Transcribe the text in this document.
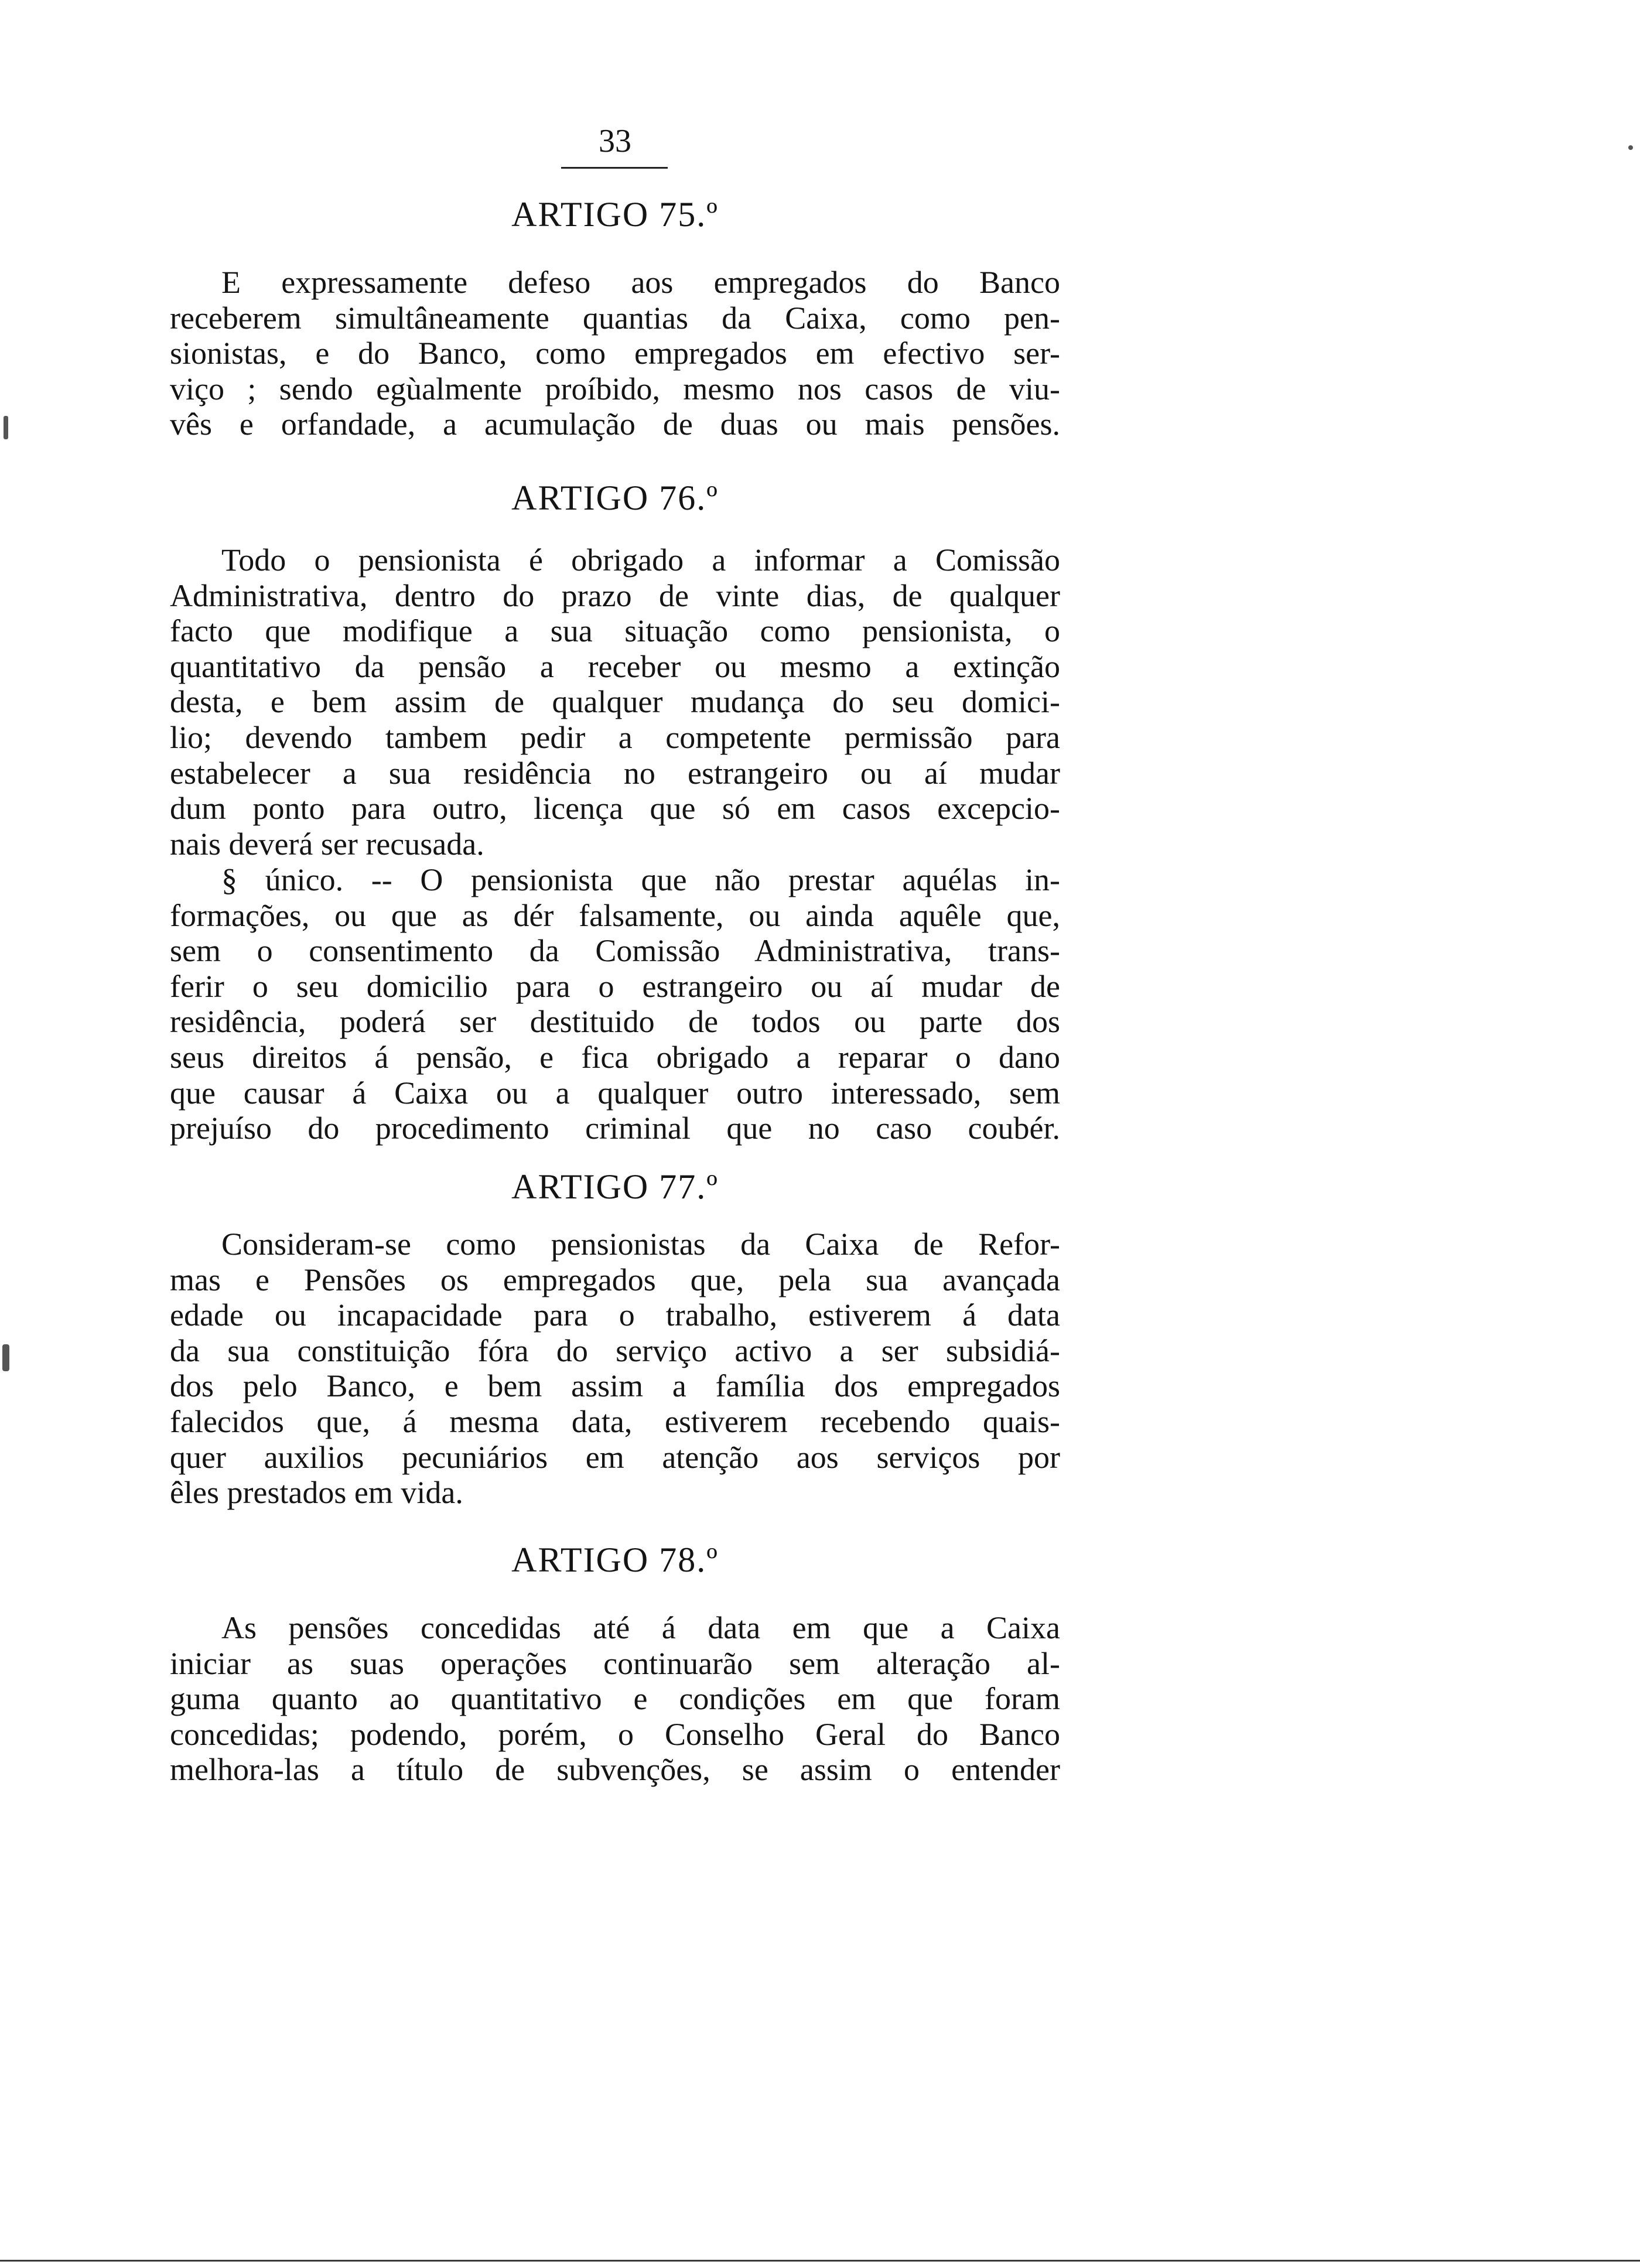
33
ARTIGO 75.º
E expressamente defeso aos empregados do Banco
receberem simultâneamente quantias da Caixa, como pen-
sionistas, e do Banco, como empregados em efectivo ser-
viço ; sendo egùalmente proíbido, mesmo nos casos de viu-
vês e orfandade, a acumulação de duas ou mais pensões.
ARTIGO 76.º
Todo o pensionista é obrigado a informar a Comissão
Administrativa, dentro do prazo de vinte dias, de qualquer
facto que modifique a sua situação como pensionista, o
quantitativo da pensão a receber ou mesmo a extinção
desta, e bem assim de qualquer mudança do seu domici-
lio; devendo tambem pedir a competente permissão para
estabelecer a sua residência no estrangeiro ou aí mudar
dum ponto para outro, licença que só em casos excepcio-
nais deverá ser recusada.
§ único. -- O pensionista que não prestar aquélas in-
formações, ou que as dér falsamente, ou ainda aquêle que,
sem o consentimento da Comissão Administrativa, trans-
ferir o seu domicilio para o estrangeiro ou aí mudar de
residência, poderá ser destituido de todos ou parte dos
seus direitos á pensão, e fica obrigado a reparar o dano
que causar á Caixa ou a qualquer outro interessado, sem
prejuíso do procedimento criminal que no caso coubér.
ARTIGO 77.º
Consideram-se como pensionistas da Caixa de Refor-
mas e Pensões os empregados que, pela sua avançada
edade ou incapacidade para o trabalho, estiverem á data
da sua constituição fóra do serviço activo a ser subsidiá-
dos pelo Banco, e bem assim a família dos empregados
falecidos que, á mesma data, estiverem recebendo quais-
quer auxilios pecuniários em atenção aos serviços por
êles prestados em vida.
ARTIGO 78.º
As pensões concedidas até á data em que a Caixa
iniciar as suas operações continuarão sem alteração al-
guma quanto ao quantitativo e condições em que foram
concedidas; podendo, porém, o Conselho Geral do Banco
melhora-las a título de subvenções, se assim o entender
